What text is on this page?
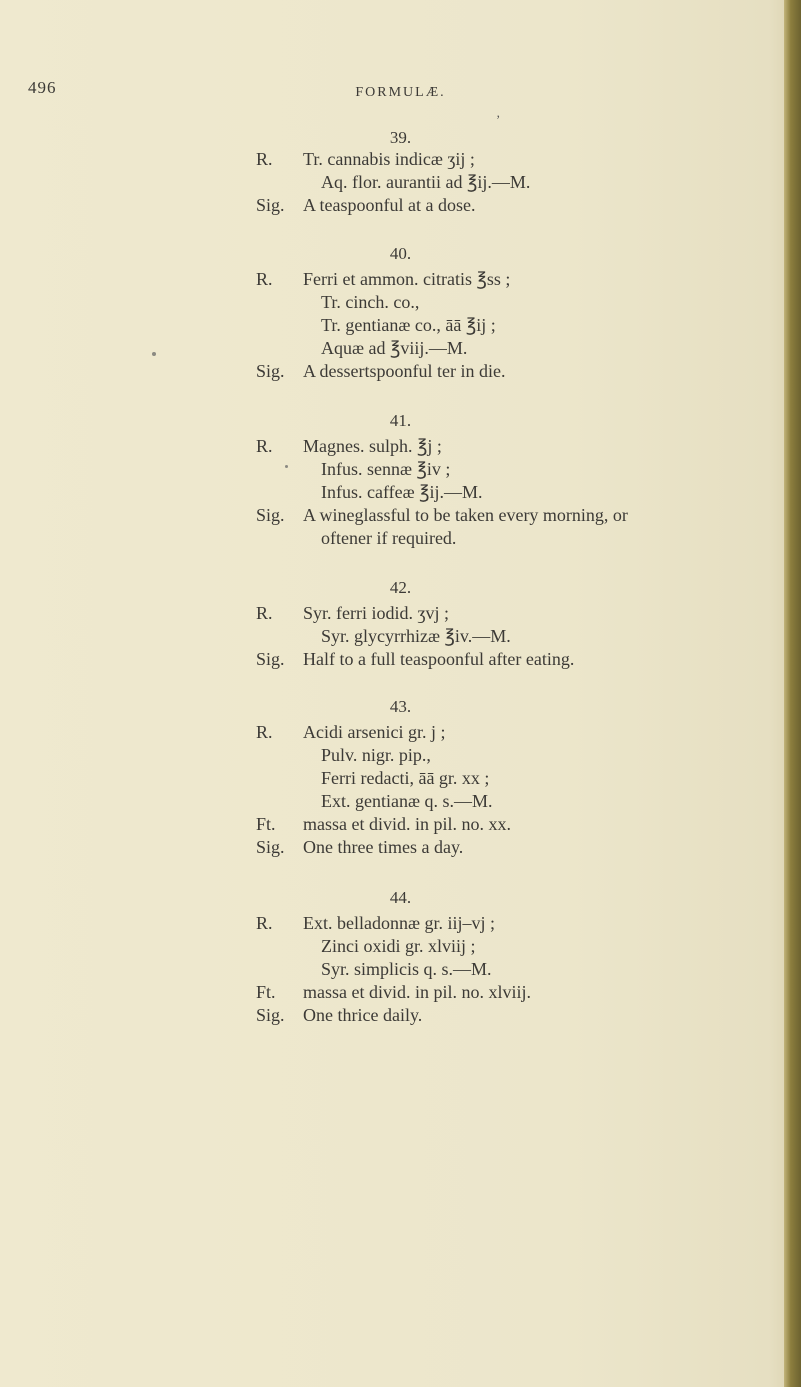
496	FORMULÆ.
’
39.
R. Tr. cannabis indicæ ʒij ;
Aq. flor. aurantii ad ℥ij.—M.
Sig. A teaspoonful at a dose.
40.
R. Ferri et ammon. citratis ℥ss ;
Tr. cinch. co.,
Tr. gentianæ co., āā ℥ij ;
Aquæ ad ℥viij.—M.
Sig. A dessertspoonful ter in die.
41.
R. Magnes. sulph. ℥j ;
Infus. sennæ ℥iv ;
Infus. caffeæ ℥ij.—M.
Sig. A wineglassful to be taken every morning, or
oftener if required.
42.
R. Syr. ferri iodid. ʒvj ;
Syr. glycyrrhizæ ℥iv.—M.
Sig. Half to a full teaspoonful after eating.
43.
R. Acidi arsenici gr. j ;
Pulv. nigr. pip.,
Ferri redacti, āā gr. xx ;
Ext. gentianæ q. s.—M.
Ft. massa et divid. in pil. no. xx.
Sig. One three times a day.
44.
R. Ext. belladonnæ gr. iij–vj ;
Zinci oxidi gr. xlviij ;
Syr. simplicis q. s.—M.
Ft. massa et divid. in pil. no. xlviij.
Sig. One thrice daily.
